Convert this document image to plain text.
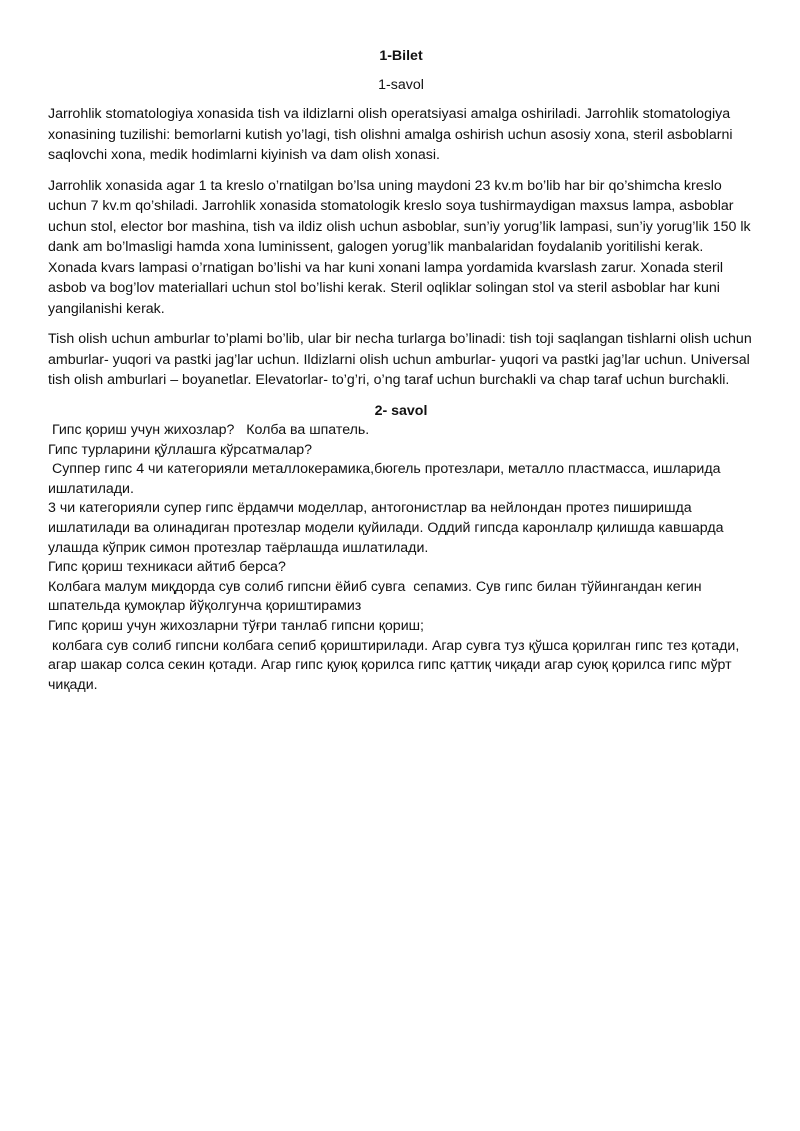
1-Bilet

1-savol

Jarrohlik stomatologiya xonasida tish va ildizlarni olish operatsiyasi amalga oshiriladi. Jarrohlik stomatologiya xonasining tuzilishi: bemorlarni kutish yo’lagi, tish olishni amalga oshirish uchun asosiy xona, steril asboblarni saqlovchi xona, medik hodimlarni kiyinish va dam olish xonasi.

Jarrohlik xonasida agar 1 ta kreslo o’rnatilgan bo’lsa uning maydoni 23 kv.m bo’lib har bir qo’shimcha kreslo uchun 7 kv.m qo’shiladi. Jarrohlik xonasida stomatologik kreslo soya tushirmaydigan maxsus lampa, asboblar uchun stol, elector bor mashina, tish va ildiz olish uchun asboblar, sun’iy yorug’lik lampasi, sun’iy yorug’lik 150 lk dank am bo’lmasligi hamda xona luminissent, galogen yorug’lik manbalaridan foydalanib yoritilishi kerak. Xonada kvars lampasi o’rnatigan bo’lishi va har kuni xonani lampa yordamida kvarslash zarur. Xonada steril asbob va bog’lov materiallari uchun stol bo’lishi kerak. Steril oqliklar solingan stol va steril asboblar har kuni yangilanishi kerak.

Tish olish uchun amburlar to’plami bo’lib, ular bir necha turlarga bo’linadi: tish toji saqlangan tishlarni olish uchun amburlar- yuqori va pastki jag’lar uchun. Ildizlarni olish uchun amburlar- yuqori va pastki jag’lar uchun. Universal tish olish amburlari – boyanetlar. Elevatorlar- to’g’ri, o’ng taraf uchun burchakli va chap taraf uchun burchakli.

2- savol

Гипс қориш учун жихозлар?   Колба ва шпатель.

Гипс турларини қўллашга кўрсатмалар?

Суппер гипс 4 чи категорияли металлокерамика,бюгель протезлари, металло пластмасса, ишларида ишлатилади.

3 чи категорияли супер гипс ёрдамчи моделлар, антогонистлар ва нейлондан протез пиширишда ишлатилади ва олинадиган протезлар модели қуйилади. Оддий гипсда каронлалр қилишда кавшарда улашда кўприк симон протезлар таёрлашда ишлатилади.

Гипс қориш техникаси айтиб берса?

Колбага малум миқдорда сув солиб гипсни ёйиб сувга  сепамиз. Сув гипс билан тўйингандан кегин шпательда қумоқлар йўқолгунча қориштирамиз

Гипс қориш учун жихозларни тўғри танлаб гипсни қориш;

колбага сув солиб гипсни колбага сепиб қориштирилади. Агар сувга туз қўшса қорилган гипс тез қотади, агар шакар солса секин қотади. Агар гипс қуюқ қорилса гипс қаттиқ чиқади агар суюқ қорилса гипс мўрт чиқади.
